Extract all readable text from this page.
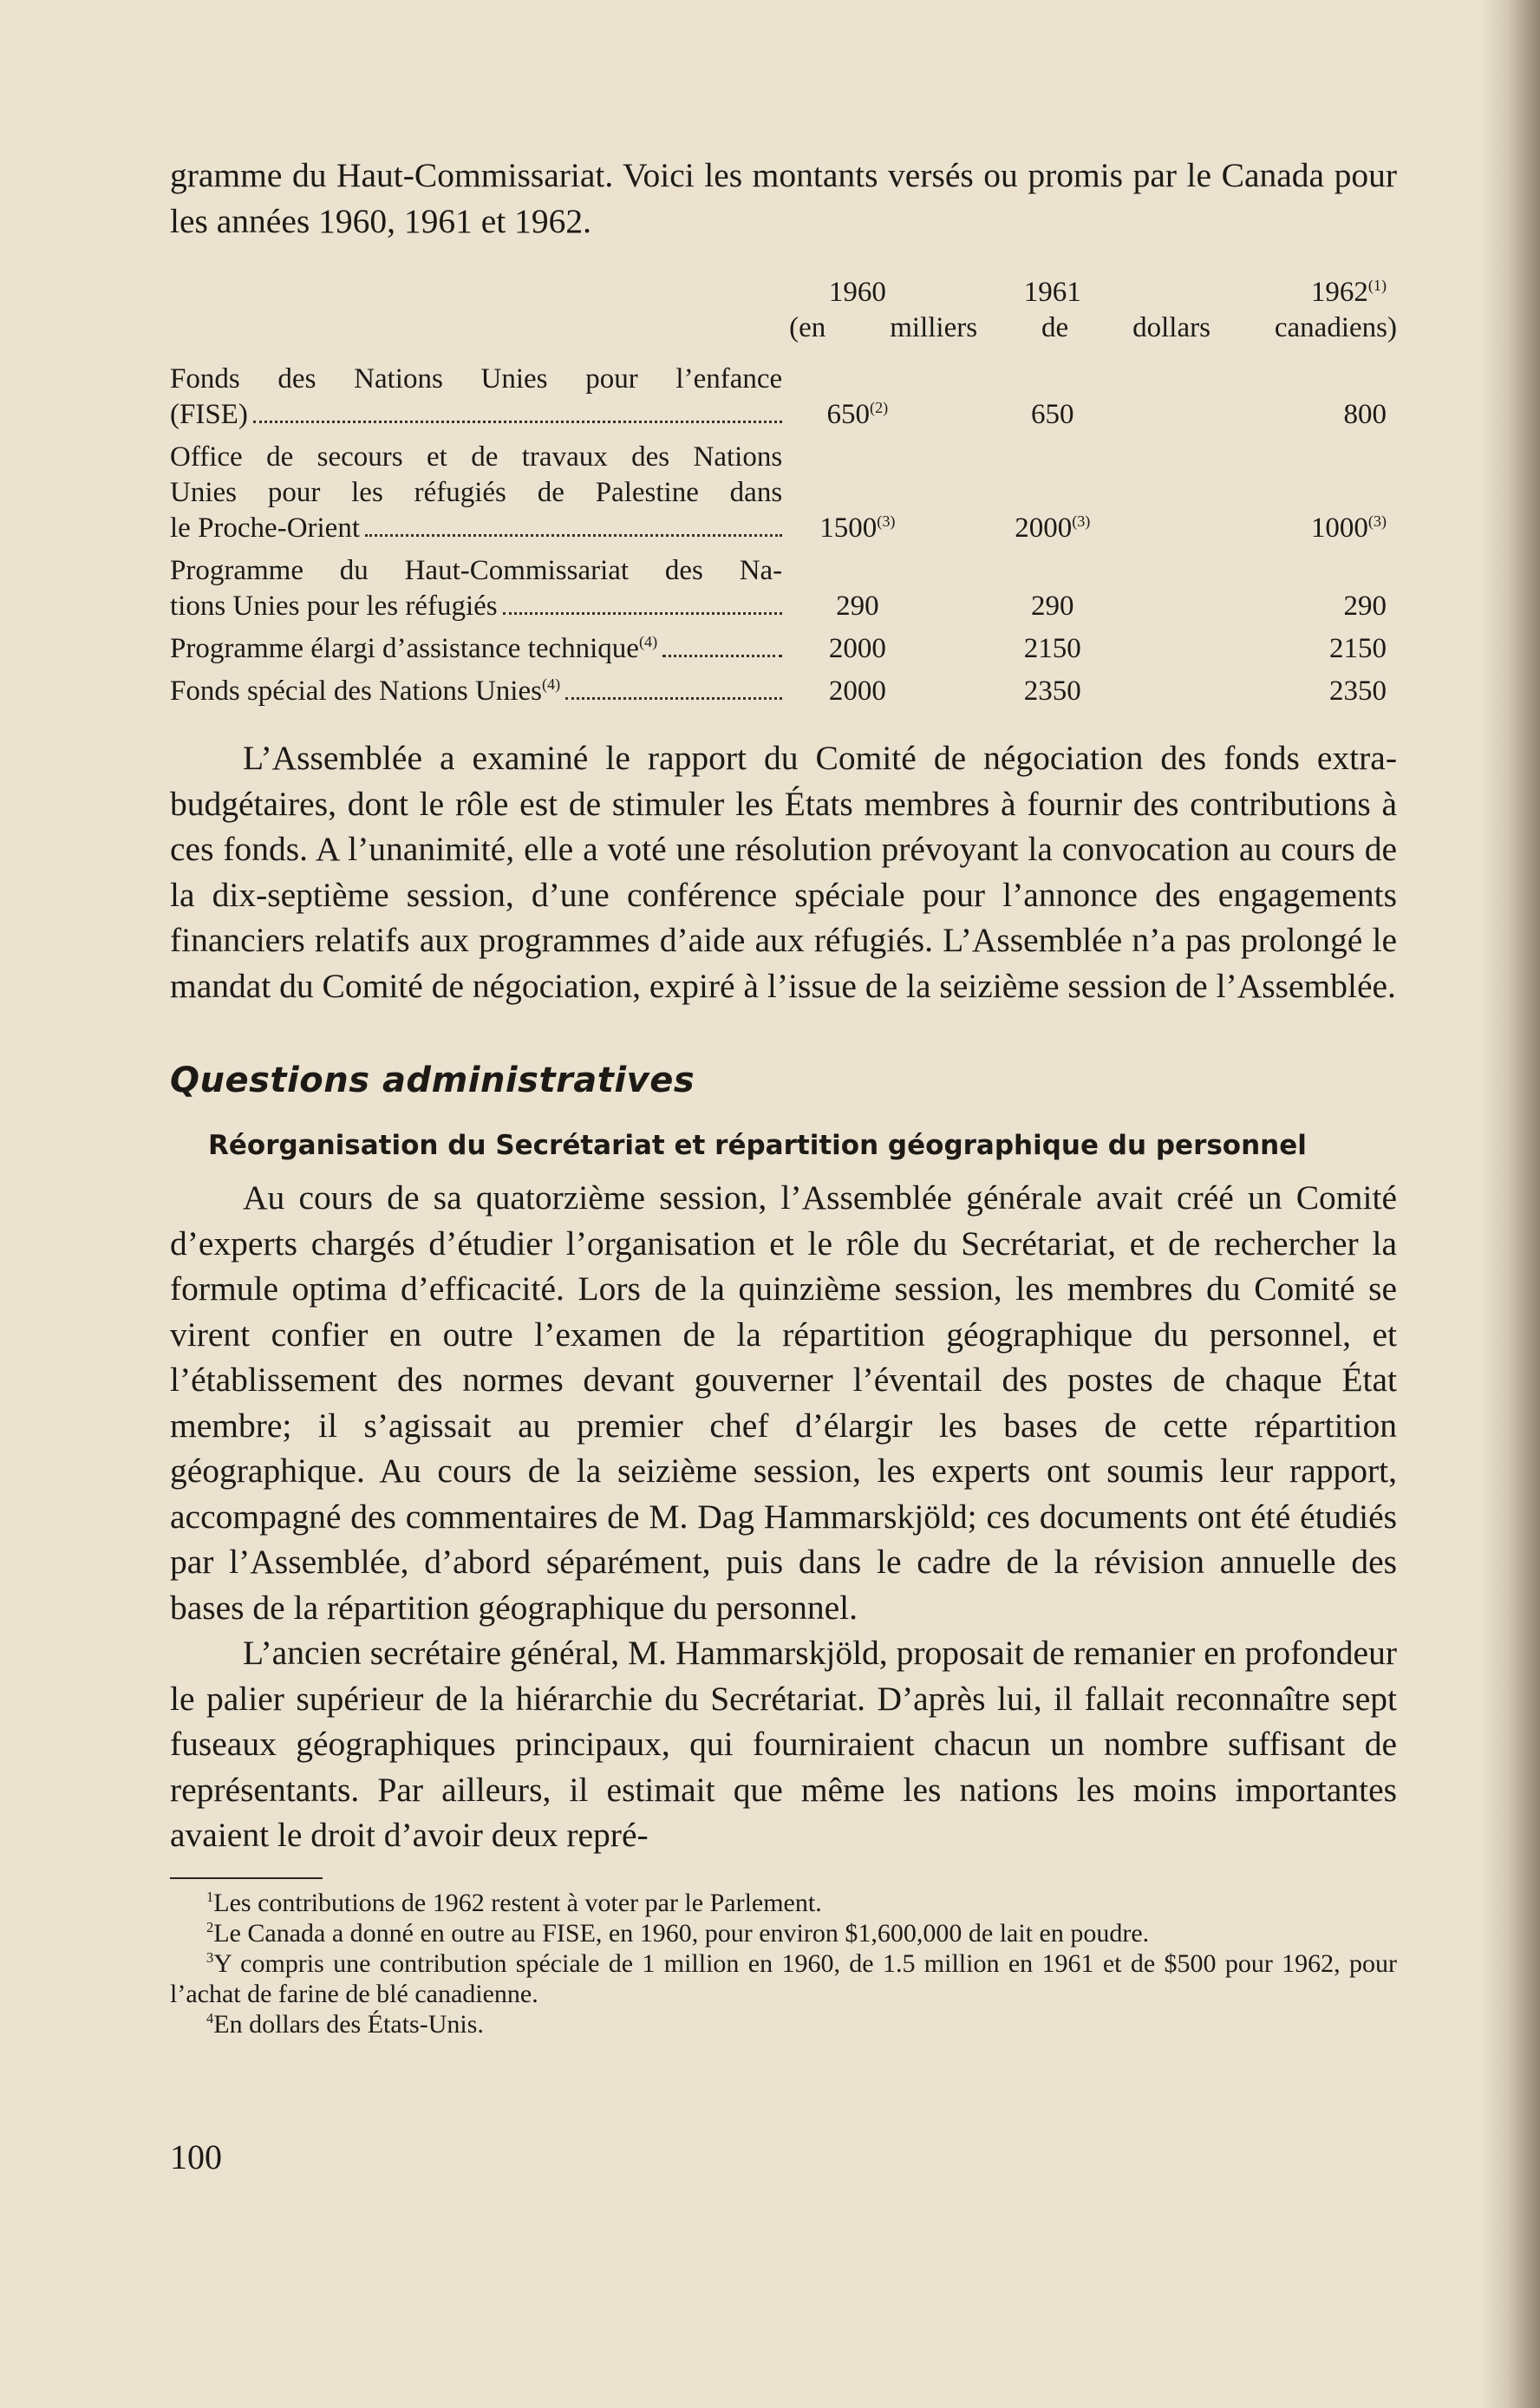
gramme du Haut-Commissariat. Voici les montants versés ou promis par le Canada pour les années 1960, 1961 et 1962.

	1960	1961	1962$^{(1)}$

	(en milliers de dollars canadiens)		

Fonds des Nations Unies pour l’enfance
(FISE)	650$^{(2)}$	650	800

Office de secours et de travaux des Nations
Unies pour les réfugiés de Palestine dans
le Proche-Orient	1500$^{(3)}$	2000$^{(3)}$	1000$^{(3)}$

Programme du Haut-Commissariat des Na-
tions Unies pour les réfugiés	290	290	290

Programme élargi d’assistance technique$^{(4)}$	2000	2150	2150

Fonds spécial des Nations Unies$^{(4)}$	2000	2350	2350

L’Assemblée a examiné le rapport du Comité de négociation des fonds extra-budgétaires, dont le rôle est de stimuler les États membres à fournir des contributions à ces fonds. A l’unanimité, elle a voté une résolution prévoyant la convocation au cours de la dix-septième session, d’une conférence spéciale pour l’annonce des engagements financiers relatifs aux programmes d’aide aux réfugiés. L’Assemblée n’a pas prolongé le mandat du Comité de négociation, expiré à l’issue de la seizième session de l’Assemblée.

Questions administratives
Réorganisation du Secrétariat et répartition géographique du personnel

Au cours de sa quatorzième session, l’Assemblée générale avait créé un Comité d’experts chargés d’étudier l’organisation et le rôle du Secrétariat, et de rechercher la formule optima d’efficacité. Lors de la quinzième session, les membres du Comité se virent confier en outre l’examen de la répartition géographique du personnel, et l’établissement des normes devant gouverner l’éventail des postes de chaque État membre; il s’agissait au premier chef d’élargir les bases de cette répartition géographique. Au cours de la seizième session, les experts ont soumis leur rapport, accompagné des commentaires de M. Dag Hammarskjöld; ces documents ont été étudiés par l’Assemblée, d’abord séparément, puis dans le cadre de la révision annuelle des bases de la répartition géographique du personnel.

L’ancien secrétaire général, M. Hammarskjöld, proposait de remanier en profondeur le palier supérieur de la hiérarchie du Secrétariat. D’après lui, il fallait reconnaître sept fuseaux géographiques principaux, qui fourniraient chacun un nombre suffisant de représentants. Par ailleurs, il estimait que même les nations les moins importantes avaient le droit d’avoir deux repré-

$^1$Les contributions de 1962 restent à voter par le Parlement.
$^2$Le Canada a donné en outre au FISE, en 1960, pour environ $1,600,000 de lait en poudre.
$^3$Y compris une contribution spéciale de 1 million en 1960, de 1.5 million en 1961 et de $500 pour 1962, pour l’achat de farine de blé canadienne.
$^4$En dollars des États-Unis.
100
